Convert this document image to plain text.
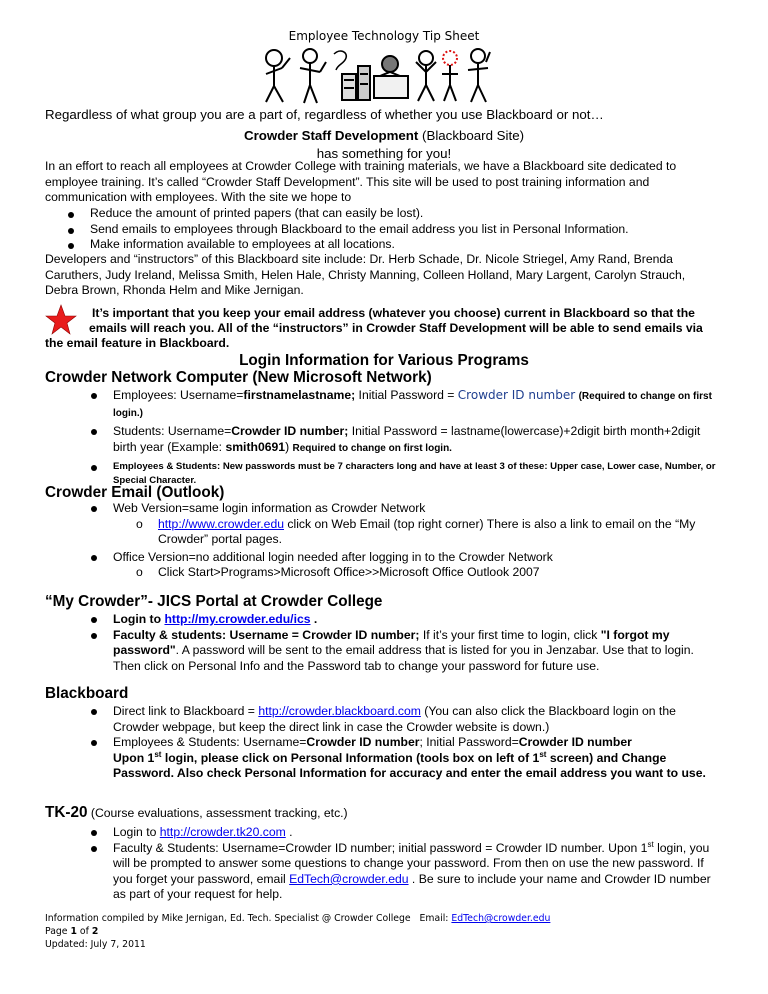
Employee Technology Tip Sheet
Regardless of what group you are a part of, regardless of whether you use Blackboard or not…
Crowder Staff Development (Blackboard Site)
has something for you!
In an effort to reach all employees at Crowder College with training materials, we have a Blackboard site dedicated to employee training. It’s called “Crowder Staff Development”. This site will be used to post training information and communication with employees. With the site we hope to
Reduce the amount of printed papers (that can easily be lost).
Send emails to employees through Blackboard to the email address you list in Personal Information.
Make information available to employees at all locations.
Developers and “instructors” of this Blackboard site include: Dr. Herb Schade, Dr. Nicole Striegel, Amy Rand, Brenda Caruthers, Judy Ireland, Melissa Smith, Helen Hale, Christy Manning, Colleen Holland, Mary Largent, Carolyn Strauch, Debra Brown, Rhonda Helm and Mike Jernigan.
It’s important that you keep your email address (whatever you choose) current in Blackboard so that the
emails will reach you. All of the “instructors” in Crowder Staff Development will be able to send emails via
the email feature in Blackboard.
Login Information for Various Programs
Crowder Network Computer (New Microsoft Network)
Employees: Username=firstnamelastname; Initial Password = Crowder ID number (Required to change on first login.)
Students: Username=Crowder ID number; Initial Password = lastname(lowercase)+2digit birth month+2digit birth year (Example: smith0691) Required to change on first login.
Employees & Students: New passwords must be 7 characters long and have at least 3 of these: Upper case, Lower case, Number, or Special Character.
Crowder Email (Outlook)
Web Version=same login information as Crowder Network
o http://www.crowder.edu click on Web Email (top right corner) There is also a link to email on the “My Crowder” portal pages.
Office Version=no additional login needed after logging in to the Crowder Network
o Click Start>Programs>Microsoft Office>>Microsoft Office Outlook 2007
“My Crowder”- JICS Portal at Crowder College
Login to http://my.crowder.edu/ics .
Faculty & students: Username = Crowder ID number; If it’s your first time to login, click "I forgot my password". A password will be sent to the email address that is listed for you in Jenzabar. Use that to login. Then click on Personal Info and the Password tab to change your password for future use.
Blackboard
Direct link to Blackboard = http://crowder.blackboard.com (You can also click the Blackboard login on the Crowder webpage, but keep the direct link in case the Crowder website is down.)
Employees & Students: Username=Crowder ID number; Initial Password=Crowder ID number
Upon 1st login, please click on Personal Information (tools box on left of 1st screen) and Change Password. Also check Personal Information for accuracy and enter the email address you want to use.
TK-20 (Course evaluations, assessment tracking, etc.)
Login to http://crowder.tk20.com .
Faculty & Students: Username=Crowder ID number; initial password = Crowder ID number. Upon 1st login, you will be prompted to answer some questions to change your password. From then on use the new password. If you forget your password, email EdTech@crowder.edu . Be sure to include your name and Crowder ID number as part of your request for help.
Information compiled by Mike Jernigan, Ed. Tech. Specialist @ Crowder College Email: EdTech@crowder.edu
Page 1 of 2
Updated: July 7, 2011
